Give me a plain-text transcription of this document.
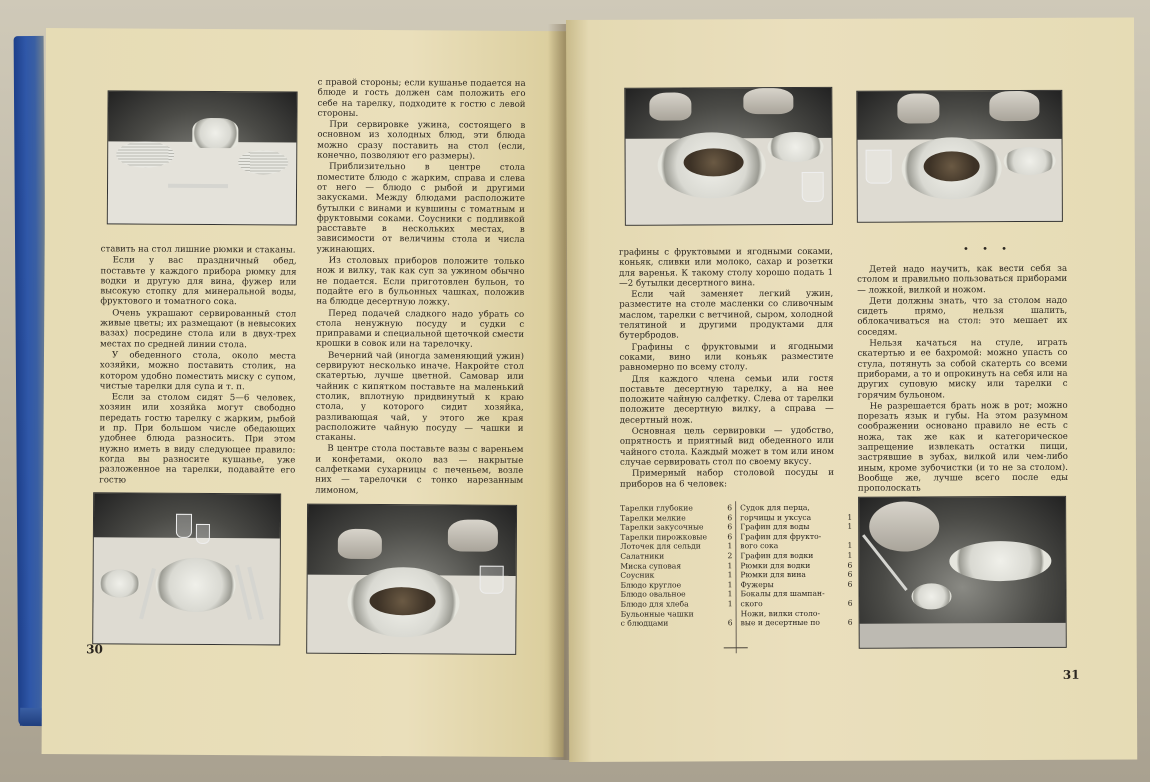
ставить на стол лишние рюмки и стаканы.

Если у вас праздничный обед, поставьте у каждого прибора рюмку для водки и другую для вина, фужер или высокую стопку для минеральной воды, фруктового и томатного сока.

Очень украшают сервированный стол живые цветы; их размещают (в невысоких вазах) посредине стола или в двух-трех местах по средней линии стола.

У обеденного стола, около места хозяйки, можно поставить столик, на котором удобно поместить миску с супом, чистые тарелки для супа и т. п.

Если за столом сидят 5—6 человек, хозяин или хозяйка могут свободно передать гостю тарелку с жарким, рыбой и пр. При большом числе обедающих удобнее блюда разносить. При этом нужно иметь в виду следующее правило: когда вы разносите кушанье, уже разложенное на тарелки, подавайте его гостю

с правой стороны; если кушанье подается на блюде и гость должен сам положить его себе на тарелку, подходите к гостю с левой стороны.

При сервировке ужина, состоящего в основном из холодных блюд, эти блюда можно сразу поставить на стол (если, конечно, позволяют его размеры).

Приблизительно в центре стола поместите блюдо с жарким, справа и слева от него — блюдо с рыбой и другими закусками. Между блюдами расположите бутылки с винами и кувшины с томатным и фруктовыми соками. Соусники с подливкой расставьте в нескольких местах, в зависимости от величины стола и числа ужинающих.

Из столовых приборов положите только нож и вилку, так как суп за ужином обычно не подается. Если приготовлен бульон, то подайте его в бульонных чашках, положив на блюдце десертную ложку.

Перед подачей сладкого надо убрать со стола ненужную посуду и судки с приправами и специальной щеточкой смести крошки в совок или на тарелочку.

Вечерний чай (иногда заменяющий ужин) сервируют несколько иначе. Накройте стол скатертью, лучше цветной. Самовар или чайник с кипятком поставьте на маленький столик, вплотную придвинутый к краю стола, у которого сидит хозяйка, разливающая чай, у этого же края расположите чайную посуду — чашки и стаканы.

В центре стола поставьте вазы с вареньем и конфетами, около ваз — накрытые салфетками сухарницы с печеньем, возле них — тарелочки с тонко нарезанным лимоном,

30

графины с фруктовыми и ягодными соками, коньяк, сливки или молоко, сахар и розетки для варенья. К такому столу хорошо подать 1—2 бутылки десертного вина.

Если чай заменяет легкий ужин, разместите на столе масленки со сливочным маслом, тарелки с ветчиной, сыром, холодной телятиной и другими продуктами для бутербродов.

Графины с фруктовыми и ягодными соками, вино или коньяк разместите равномерно по всему столу.

Для каждого члена семьи или гостя поставьте десертную тарелку, а на нее положите чайную салфетку. Слева от тарелки положите десертную вилку, а справа — десертный нож.

Основная цель сервировки — удобство, опрятность и приятный вид обеденного или чайного стола. Каждый может в том или ином случае сервировать стол по своему вкусу.

Примерный набор столовой посуды и приборов на 6 человек:

Тарелки глубокие	6
Тарелки мелкие	6
Тарелки закусочные	6
Тарелки пирожковые	6
Лоточек для сельди	1
Салатники	2
Миска суповая	1
Соусник	1
Блюдо круглое	1
Блюдо овальное	1
Блюдо для хлеба	1
Бульонные чашки
с блюдцами	6
Судок для перца,
горчицы и уксуса	1
Графин для воды	1
Графин для фрукто-
вого сока	1
Графин для водки	1
Рюмки для водки	6
Рюмки для вина	6
Фужеры	6
Бокалы для шампан-
ского	6
Ножи, вилки столо-
вые и десертные по	6
• • •

Детей надо научить, как вести себя за столом и правильно пользоваться приборами — ложкой, вилкой и ножом.

Дети должны знать, что за столом надо сидеть прямо, нельзя шалить, облокачиваться на стол: это мешает их соседям.

Нельзя качаться на стуле, играть скатертью и ее бахромой: можно упасть со стула, потянуть за собой скатерть со всеми приборами, а то и опрокинуть на себя или на других суповую миску или тарелки с горячим бульоном.

Не разрешается брать нож в рот; можно порезать язык и губы. На этом разумном соображении основано правило не есть с ножа, так же как и категорическое запрещение извлекать остатки пищи, застрявшие в зубах, вилкой или чем-либо иным, кроме зубочистки (и то не за столом). Вообще же, лучше всего после еды прополоскать

31
